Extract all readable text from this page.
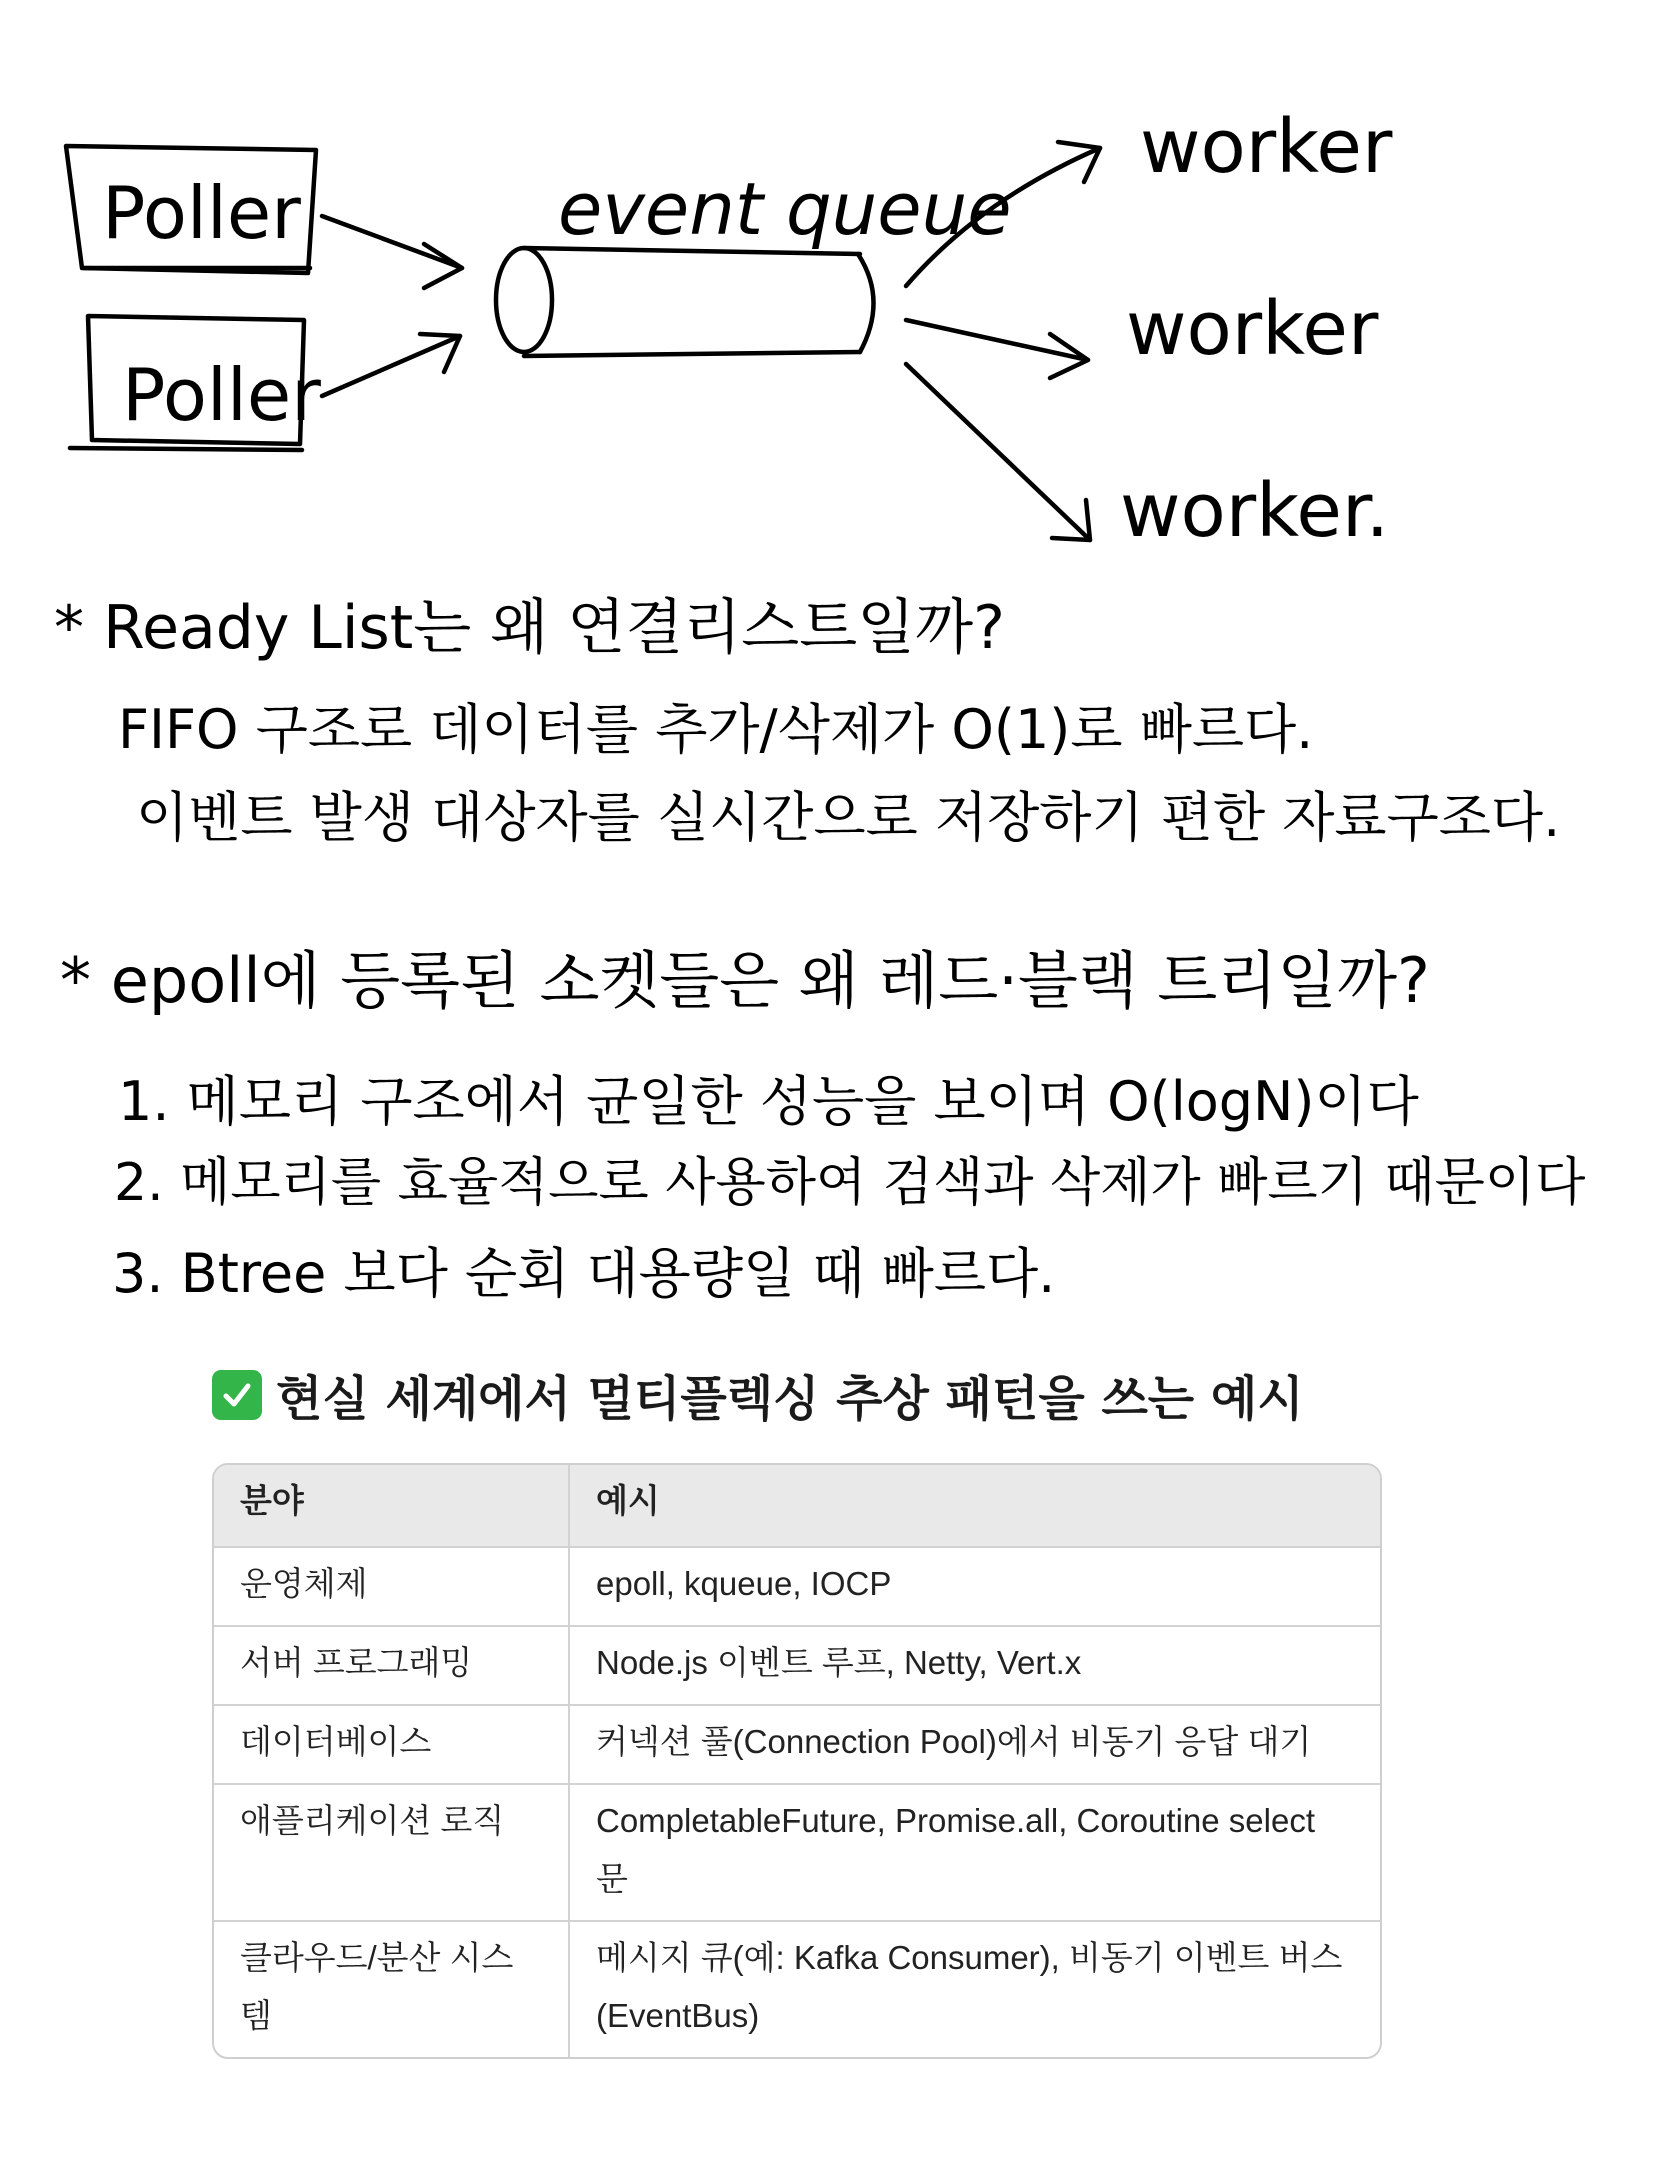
Poller
Poller
event queue
worker
worker
worker.
* Ready List는 왜 연결리스트일까?
FIFO 구조로 데이터를 추가/삭제가 O(1)로 빠르다.
이벤트 발생 대상자를 실시간으로 저장하기 편한 자료구조다.
* epoll에 등록된 소켓들은 왜 레드·블랙 트리일까?
1. 메모리 구조에서 균일한 성능을 보이며 O(logN)이다
2. 메모리를 효율적으로 사용하여 검색과 삭제가 빠르기 때문이다
3. Btree 보다 순회 대용량일 때 빠르다.
현실 세계에서 멀티플렉싱 추상 패턴을 쓰는 예시
분야	예시
운영체제	epoll, kqueue, IOCP
서버 프로그래밍	Node.js 이벤트 루프, Netty, Vert.x
데이터베이스	커넥션 풀(Connection Pool)에서 비동기 응답 대기
애플리케이션 로직	CompletableFuture, Promise.all, Coroutine select 문
클라우드/분산 시스템	메시지 큐(예: Kafka Consumer), 비동기 이벤트 버스(EventBus)
